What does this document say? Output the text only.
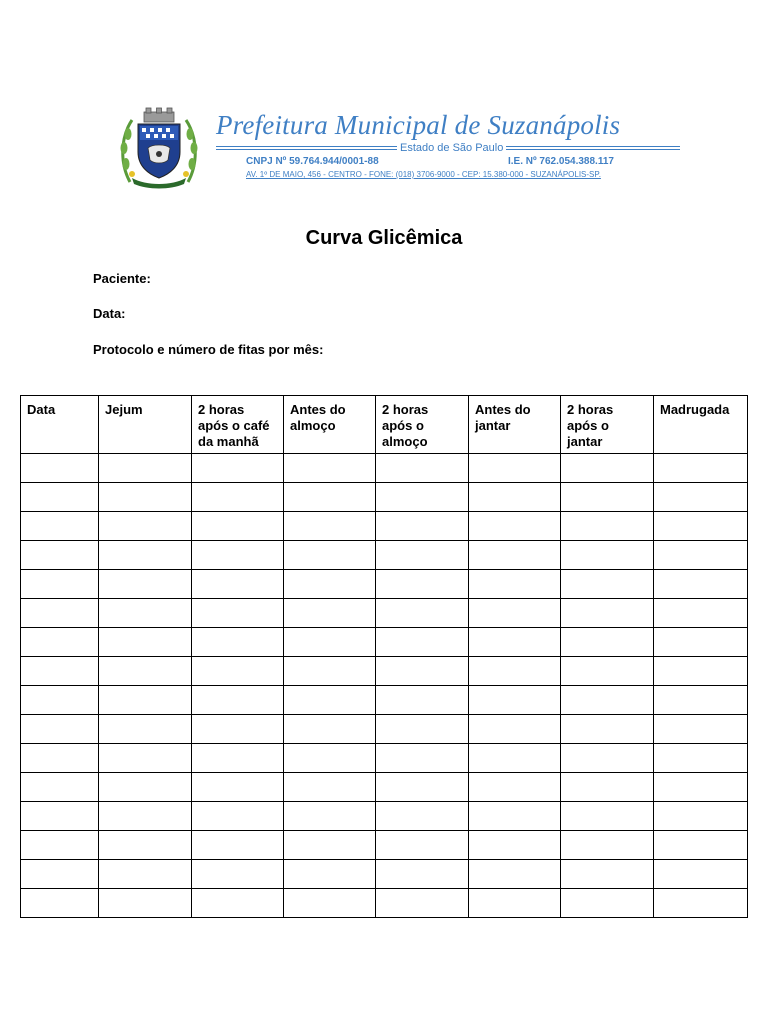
Prefeitura Municipal de Suzanápolis
Estado de São Paulo
CNPJ Nº 59.764.944/0001-88	I.E. Nº 762.054.388.117
AV. 1º DE MAIO, 456 - CENTRO - FONE: (018) 3706-9000 - CEP: 15.380-000 - SUZANÁPOLIS-SP.
Curva Glicêmica
Paciente:
Data:
Protocolo e número de fitas por mês:
Data	Jejum	2 horas após o café da manhã	Antes do almoço	2 horas após o almoço	Antes do jantar	2 horas após o jantar	Madrugada
